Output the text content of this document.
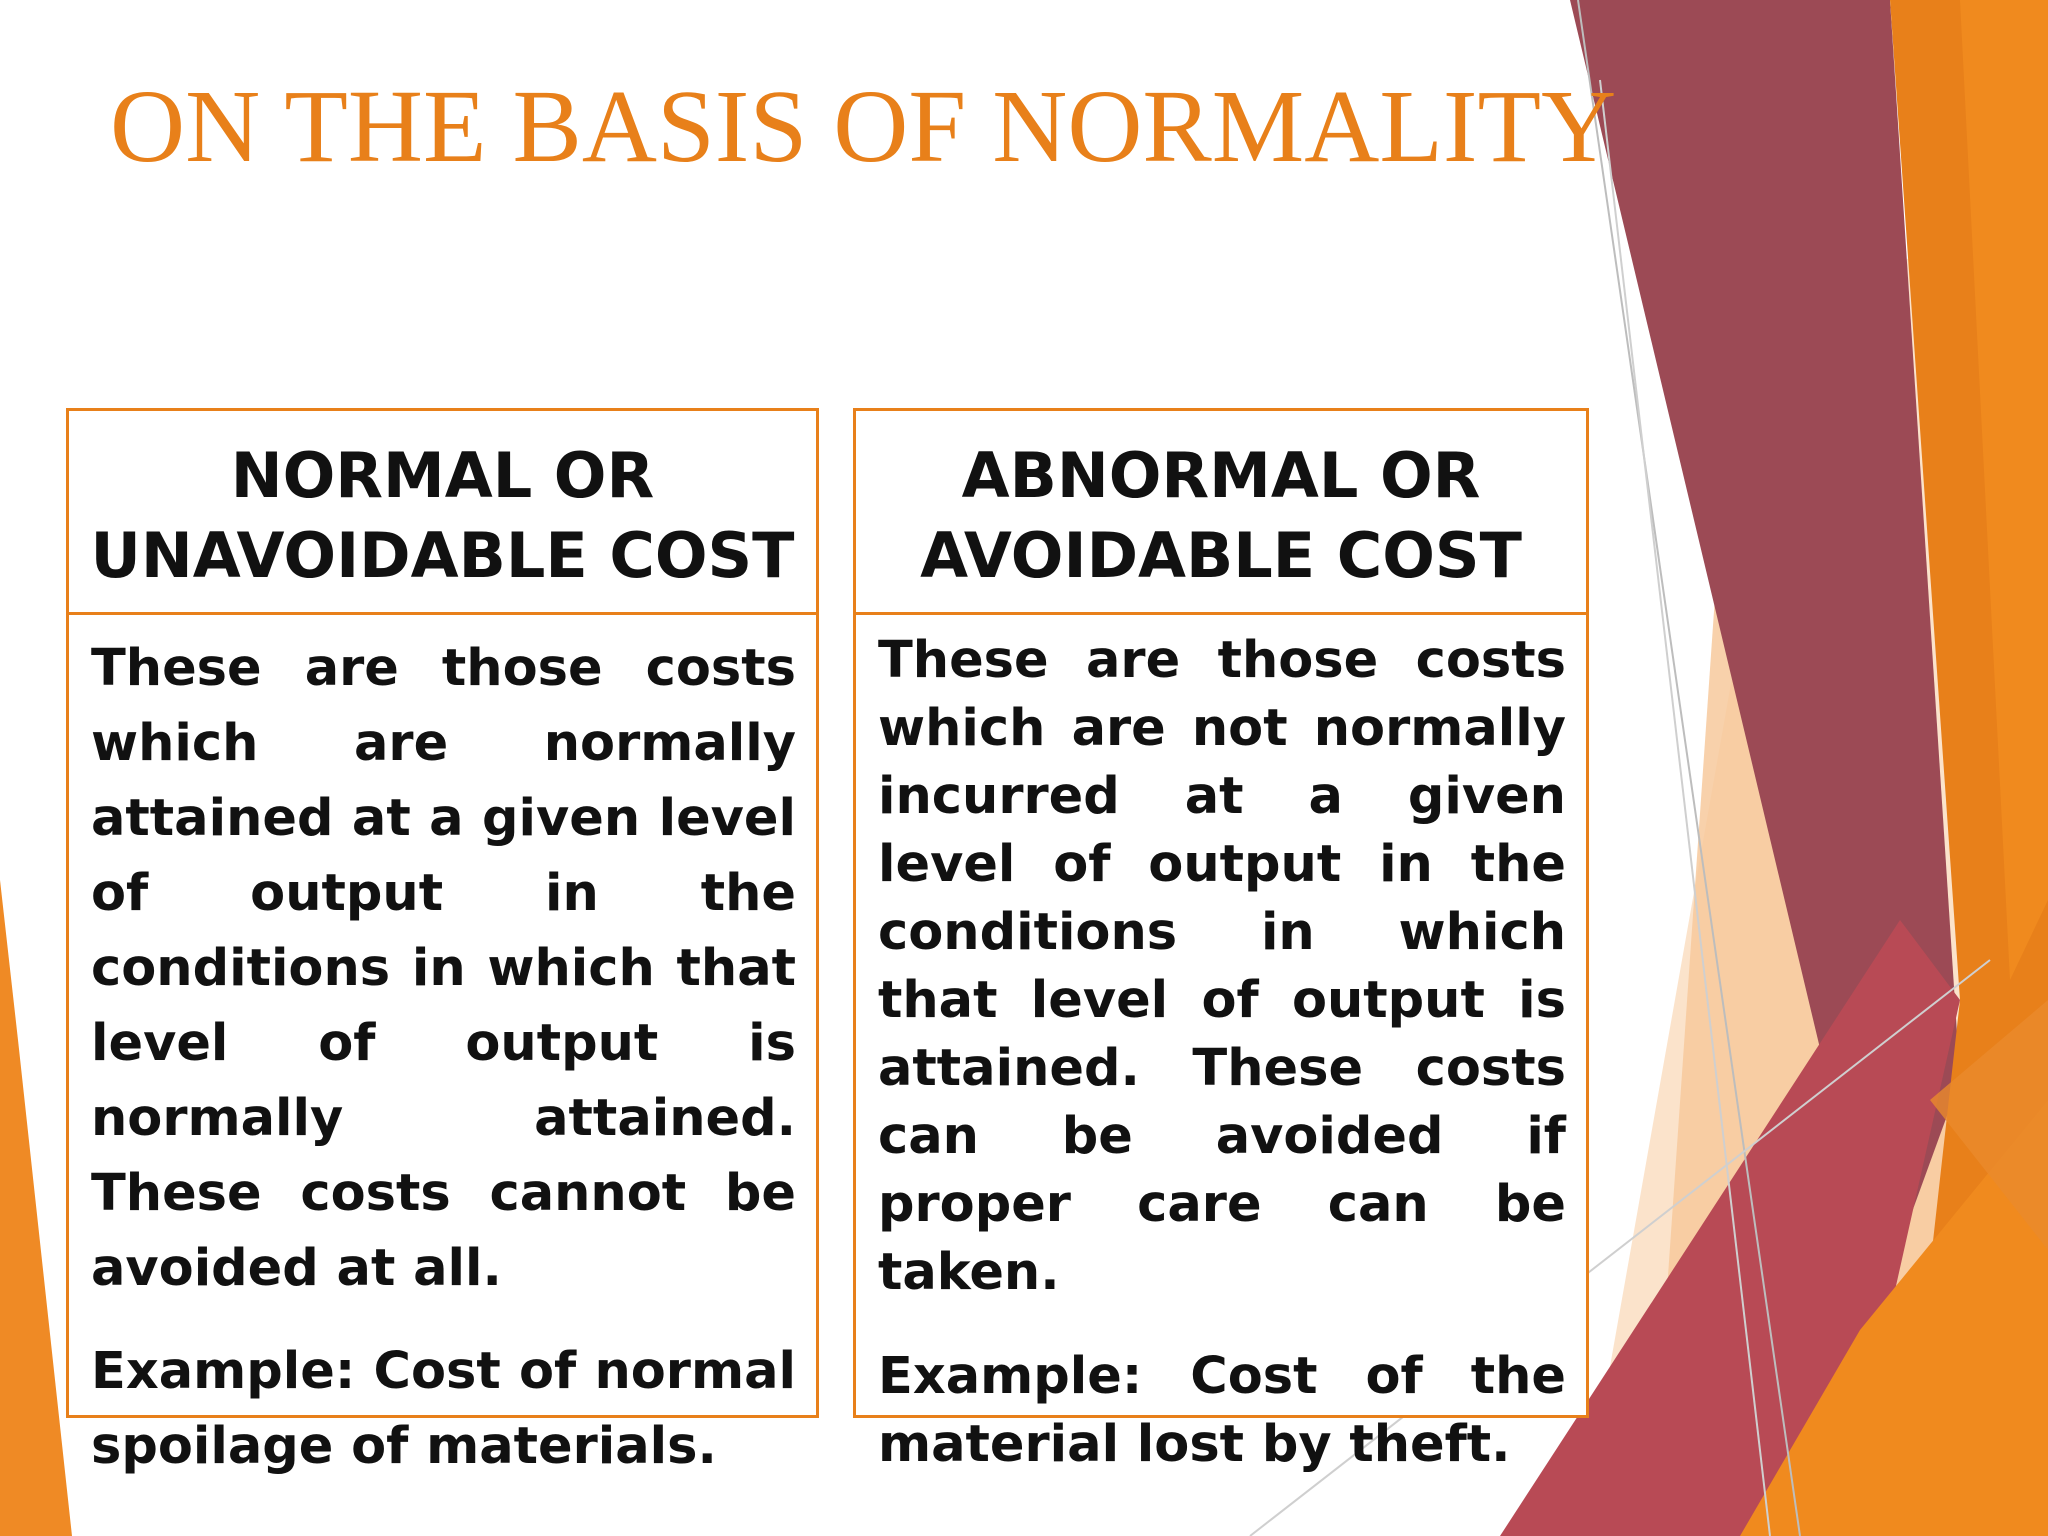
ON THE BASIS OF NORMALITY
NORMAL OR
UNAVOIDABLE COST

These are those costs which are normally attained at a given level of output in the conditions in which that level of output is normally attained. These costs cannot be avoided at all.

Example: Cost of normal spoilage of materials.

ABNORMAL OR
AVOIDABLE COST

These are those costs which are not normally incurred at a given level of output in the conditions in which that level of output is attained. These costs can be avoided if proper care can be taken.

Example: Cost of the material lost by theft.
